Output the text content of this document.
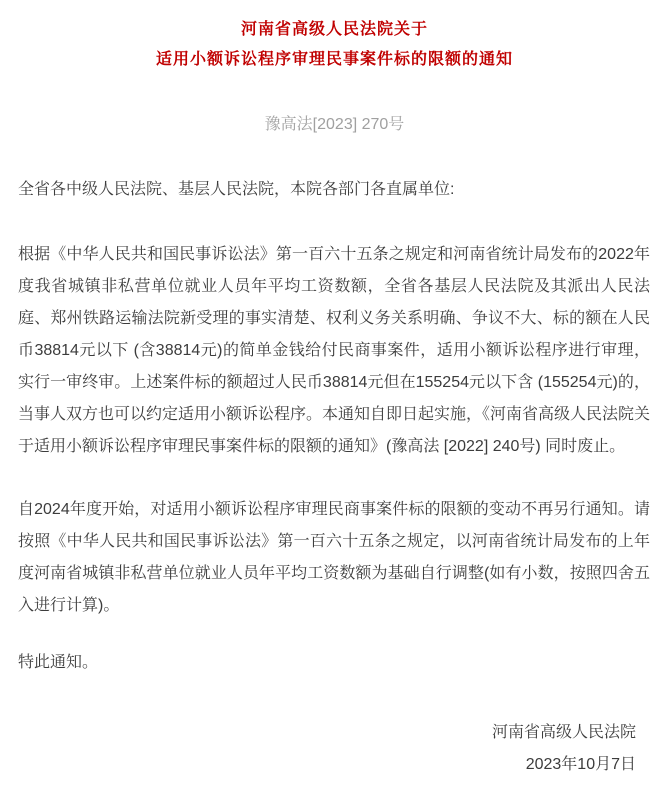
河南省高级人民法院关于
适用小额诉讼程序审理民事案件标的限额的通知
豫高法[2023] 270号

全省各中级人民法院、基层人民法院，本院各部门各直属单位:

根据《中华人民共和国民事诉讼法》第一百六十五条之规定和河南省统计局发布的2022年度我省城镇非私营单位就业人员年平均工资数额，全省各基层人民法院及其派出人民法庭、郑州铁路运输法院新受理的事实清楚、权利义务关系明确、争议不大、标的额在人民币38814元以下 (含38814元)的简单金钱给付民商事案件，适用小额诉讼程序进行审理，实行一审终审。上述案件标的额超过人民币38814元但在155254元以下含 (155254元)的，当事人双方也可以约定适用小额诉讼程序。本通知自即日起实施，《河南省高级人民法院关于适用小额诉讼程序审理民事案件标的限额的通知》(豫高法 [2022] 240号) 同时废止。

自2024年度开始，对适用小额诉讼程序审理民商事案件标的限额的变动不再另行通知。请按照《中华人民共和国民事诉讼法》第一百六十五条之规定，以河南省统计局发布的上年度河南省城镇非私营单位就业人员年平均工资数额为基础自行调整(如有小数，按照四舍五入进行计算)。

特此通知。

河南省高级人民法院
2023年10月7日
